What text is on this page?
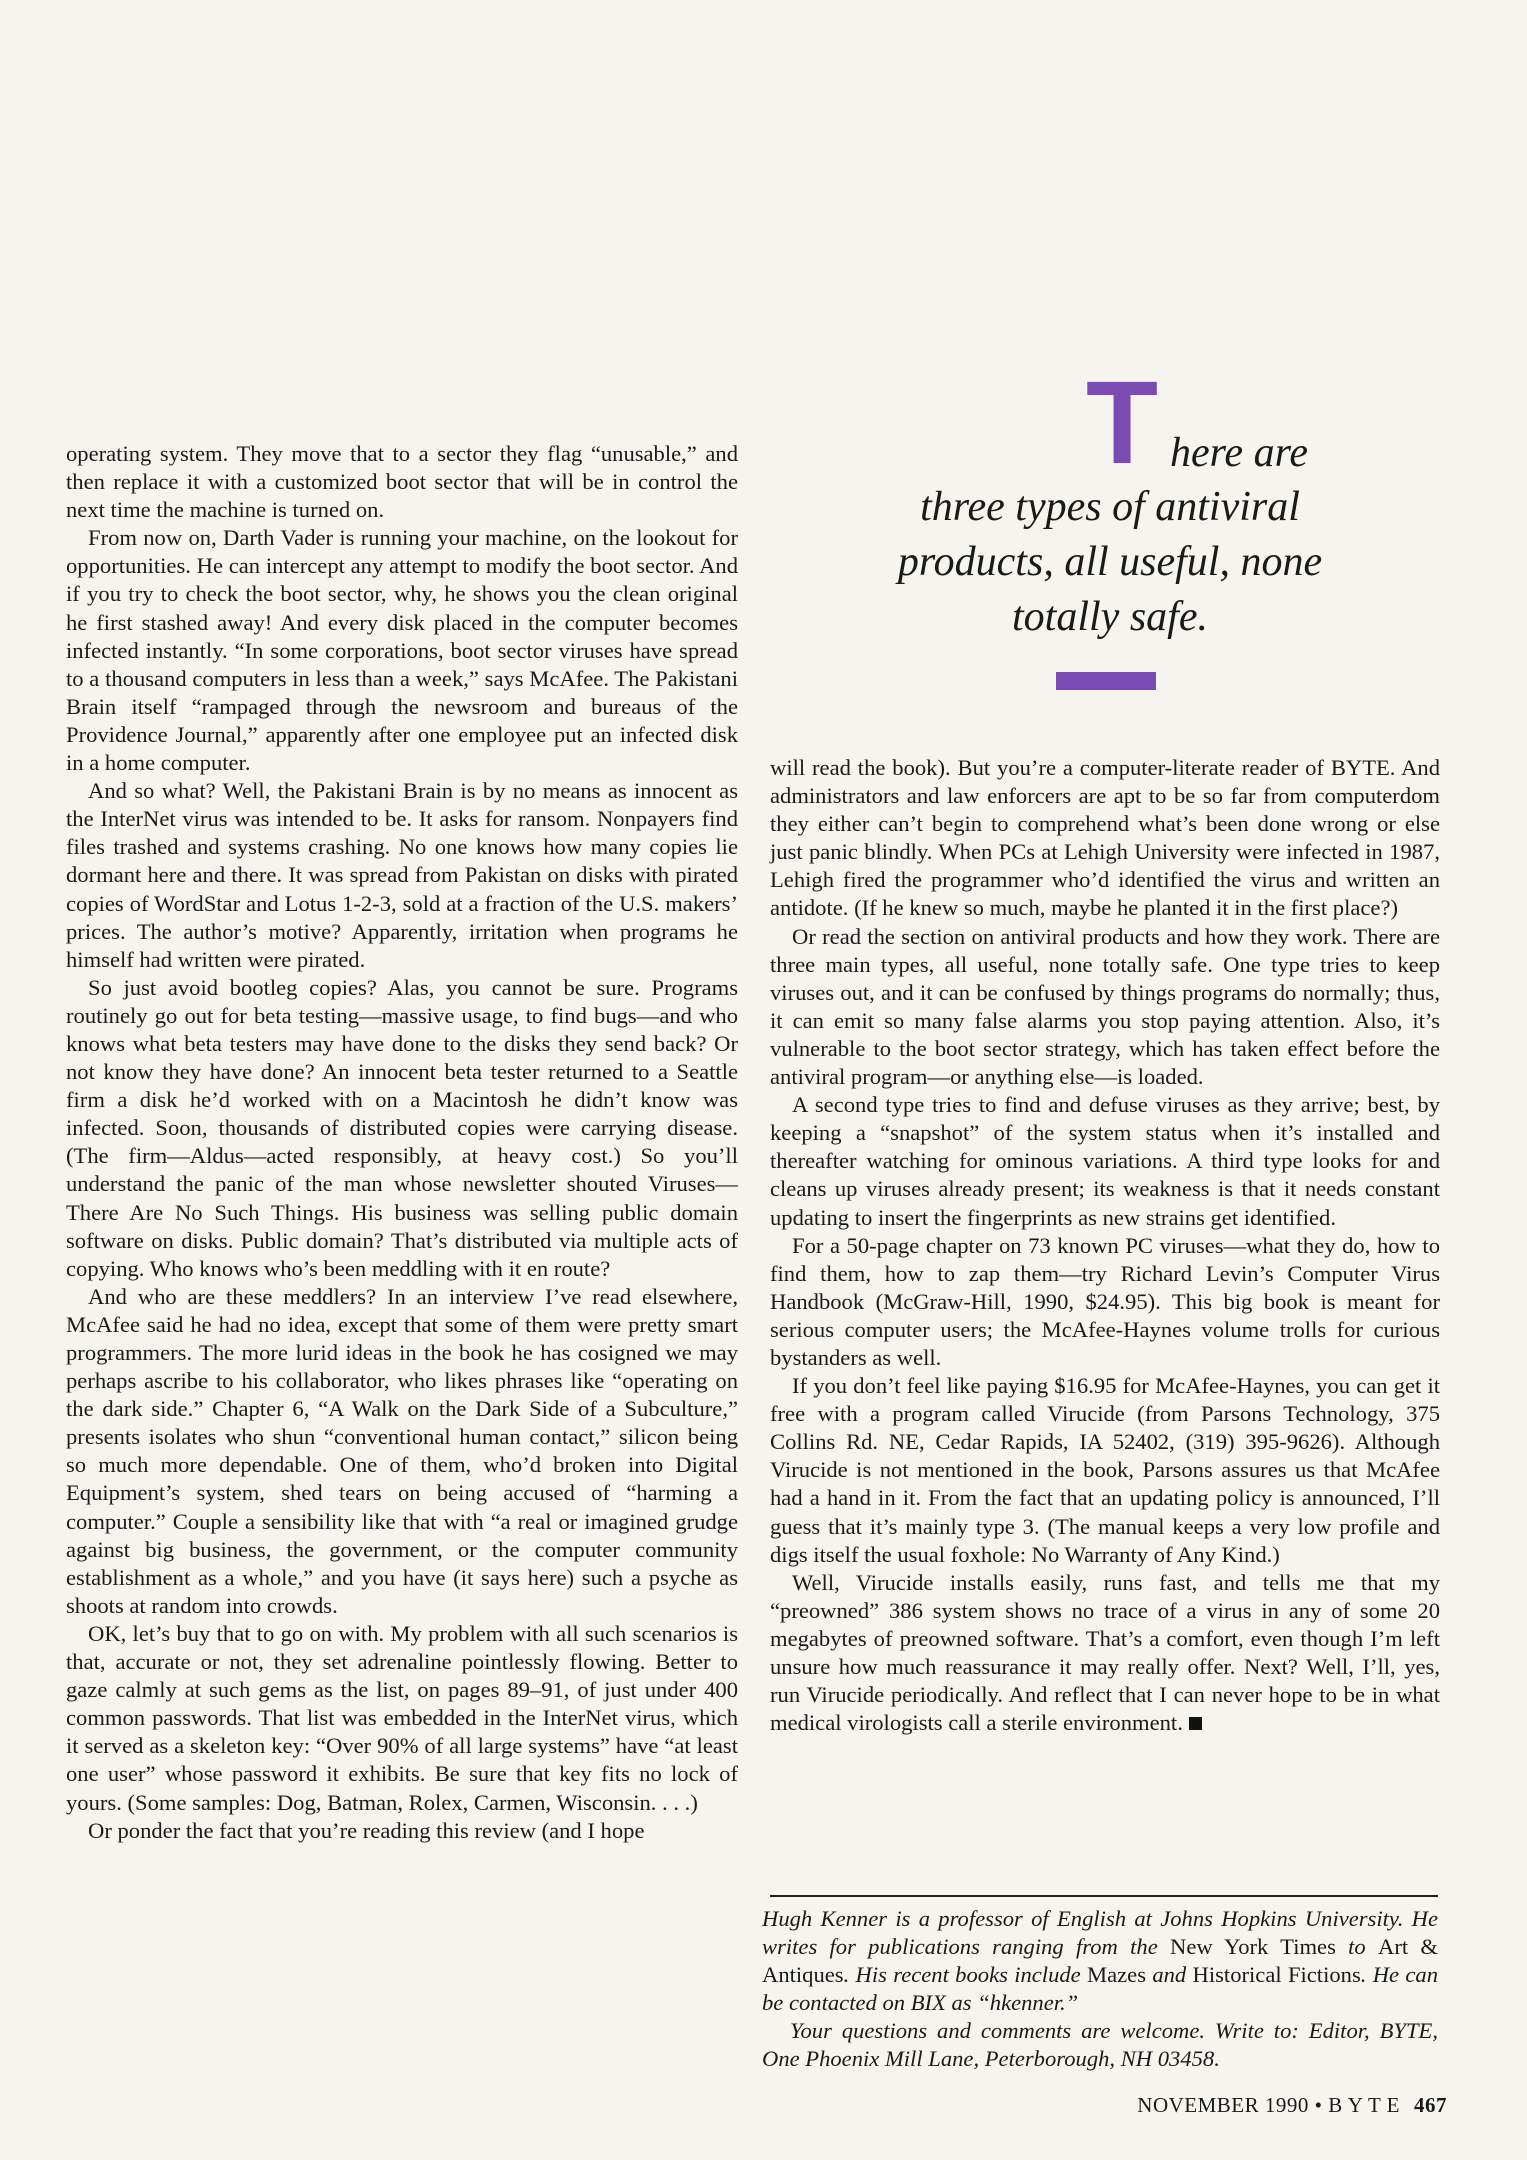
operating system. They move that to a sector they flag “unusable,” and then replace it with a customized boot sector that will be in control the next time the machine is turned on.

From now on, Darth Vader is running your machine, on the lookout for opportunities. He can intercept any attempt to modify the boot sector. And if you try to check the boot sector, why, he shows you the clean original he first stashed away! And every disk placed in the computer becomes infected instantly. “In some corporations, boot sector viruses have spread to a thousand computers in less than a week,” says McAfee. The Pakistani Brain itself “rampaged through the newsroom and bureaus of the Providence Journal,” apparently after one employee put an infected disk in a home computer.

And so what? Well, the Pakistani Brain is by no means as innocent as the InterNet virus was intended to be. It asks for ransom. Nonpayers find files trashed and systems crashing. No one knows how many copies lie dormant here and there. It was spread from Pakistan on disks with pirated copies of WordStar and Lotus 1-2-3, sold at a fraction of the U.S. makers’ prices. The author’s motive? Apparently, irritation when programs he himself had written were pirated.

So just avoid bootleg copies? Alas, you cannot be sure. Programs routinely go out for beta testing—massive usage, to find bugs—and who knows what beta testers may have done to the disks they send back? Or not know they have done? An innocent beta tester returned to a Seattle firm a disk he’d worked with on a Macintosh he didn’t know was infected. Soon, thousands of distributed copies were carrying disease. (The firm—Aldus—acted responsibly, at heavy cost.) So you’ll understand the panic of the man whose newsletter shouted Viruses—There Are No Such Things. His business was selling public domain software on disks. Public domain? That’s distributed via multiple acts of copying. Who knows who’s been meddling with it en route?

And who are these meddlers? In an interview I’ve read elsewhere, McAfee said he had no idea, except that some of them were pretty smart programmers. The more lurid ideas in the book he has cosigned we may perhaps ascribe to his collaborator, who likes phrases like “operating on the dark side.” Chapter 6, “A Walk on the Dark Side of a Subculture,” presents isolates who shun “conventional human contact,” silicon being so much more dependable. One of them, who’d broken into Digital Equipment’s system, shed tears on being accused of “harming a computer.” Couple a sensibility like that with “a real or imagined grudge against big business, the government, or the computer community establishment as a whole,” and you have (it says here) such a psyche as shoots at random into crowds.

OK, let’s buy that to go on with. My problem with all such scenarios is that, accurate or not, they set adrenaline pointlessly flowing. Better to gaze calmly at such gems as the list, on pages 89–91, of just under 400 common passwords. That list was embedded in the InterNet virus, which it served as a skeleton key: “Over 90% of all large systems” have “at least one user” whose password it exhibits. Be sure that key fits no lock of yours. (Some samples: Dog, Batman, Rolex, Carmen, Wisconsin. . . .)

Or ponder the fact that you’re reading this review (and I hope

will read the book). But you’re a computer-literate reader of BYTE. And administrators and law enforcers are apt to be so far from computerdom they either can’t begin to comprehend what’s been done wrong or else just panic blindly. When PCs at Lehigh University were infected in 1987, Lehigh fired the programmer who’d identified the virus and written an antidote. (If he knew so much, maybe he planted it in the first place?)

Or read the section on antiviral products and how they work. There are three main types, all useful, none totally safe. One type tries to keep viruses out, and it can be confused by things programs do normally; thus, it can emit so many false alarms you stop paying attention. Also, it’s vulnerable to the boot sector strategy, which has taken effect before the antiviral program—or anything else—is loaded.

A second type tries to find and defuse viruses as they arrive; best, by keeping a “snapshot” of the system status when it’s installed and thereafter watching for ominous variations. A third type looks for and cleans up viruses already present; its weakness is that it needs constant updating to insert the fingerprints as new strains get identified.

For a 50-page chapter on 73 known PC viruses—what they do, how to find them, how to zap them—try Richard Levin’s Computer Virus Handbook (McGraw-Hill, 1990, $24.95). This big book is meant for serious computer users; the McAfee-Haynes volume trolls for curious bystanders as well.

If you don’t feel like paying $16.95 for McAfee-Haynes, you can get it free with a program called Virucide (from Parsons Technology, 375 Collins Rd. NE, Cedar Rapids, IA 52402, (319) 395-9626). Although Virucide is not mentioned in the book, Parsons assures us that McAfee had a hand in it. From the fact that an updating policy is announced, I’ll guess that it’s mainly type 3. (The manual keeps a very low profile and digs itself the usual foxhole: No Warranty of Any Kind.)

Well, Virucide installs easily, runs fast, and tells me that my “preowned” 386 system shows no trace of a virus in any of some 20 megabytes of preowned software. That’s a comfort, even though I’m left unsure how much reassurance it may really offer. Next? Well, I’ll, yes, run Virucide periodically. And reflect that I can never hope to be in what medical virologists call a sterile environment.

T here are
three types of antiviral products, all useful, none totally safe.

Hugh Kenner is a professor of English at Johns Hopkins University. He writes for publications ranging from the New York Times to Art & Antiques. His recent books include Mazes and Historical Fictions. He can be contacted on BIX as “hkenner.”

Your questions and comments are welcome. Write to: Editor, BYTE, One Phoenix Mill Lane, Peterborough, NH 03458.

NOVEMBER 1990 • B Y T E 467
